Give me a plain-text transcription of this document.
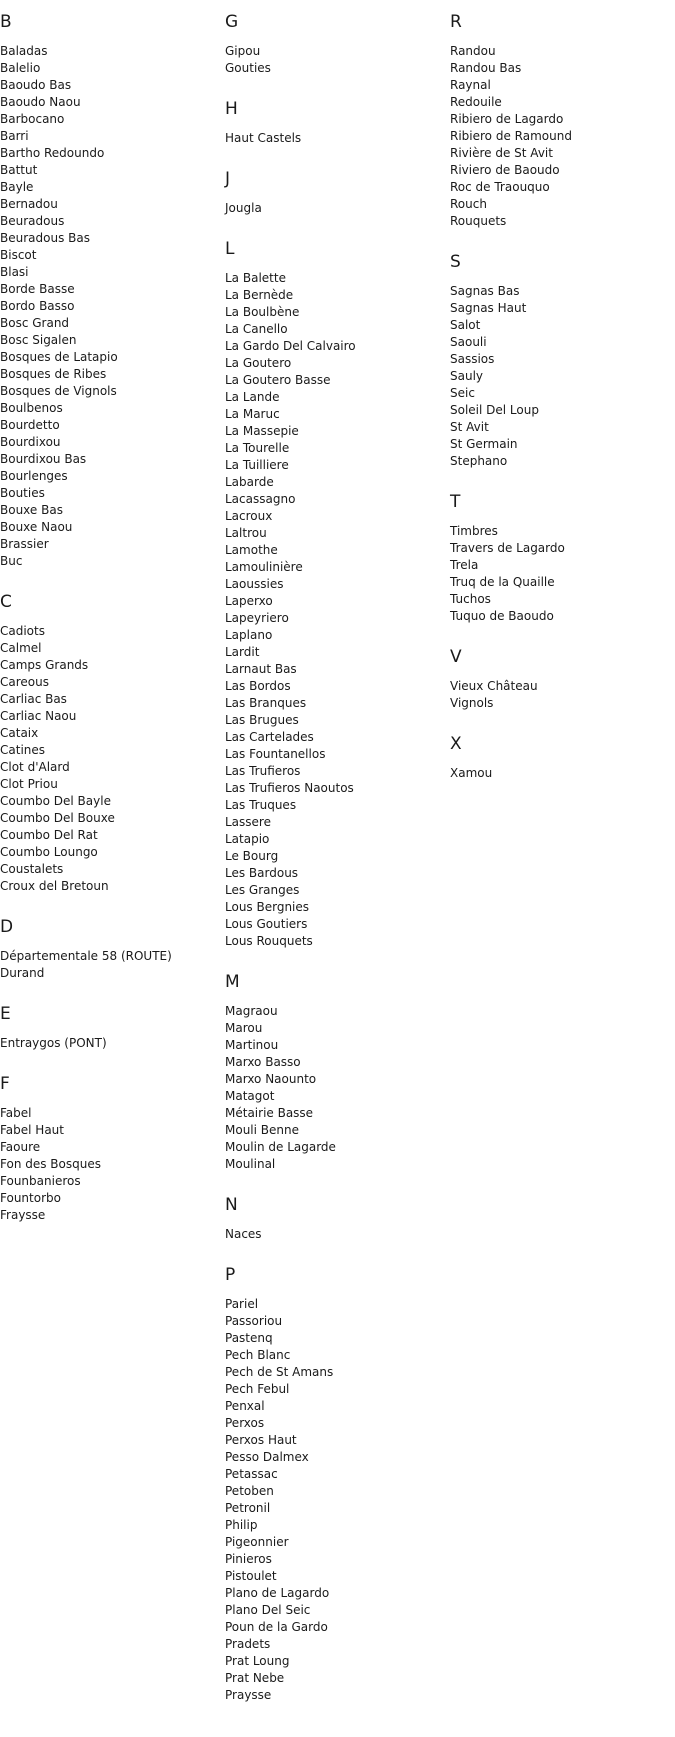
B
Baladas
Balelio
Baoudo Bas
Baoudo Naou
Barbocano
Barri
Bartho Redoundo
Battut
Bayle
Bernadou
Beuradous
Beuradous Bas
Biscot
Blasi
Borde Basse
Bordo Basso
Bosc Grand
Bosc Sigalen
Bosques de Latapio
Bosques de Ribes
Bosques de Vignols
Boulbenos
Bourdetto
Bourdixou
Bourdixou Bas
Bourlenges
Bouties
Bouxe Bas
Bouxe Naou
Brassier
Buc
C
Cadiots
Calmel
Camps Grands
Careous
Carliac Bas
Carliac Naou
Cataix
Catines
Clot d'Alard
Clot Priou
Coumbo Del Bayle
Coumbo Del Bouxe
Coumbo Del Rat
Coumbo Loungo
Coustalets
Croux del Bretoun
D
Départementale 58 (ROUTE)
Durand
E
Entraygos (PONT)
F
Fabel
Fabel Haut
Faoure
Fon des Bosques
Founbanieros
Fountorbo
Fraysse
G
Gipou
Gouties
H
Haut Castels
J
Jougla
L
La Balette
La Bernède
La Boulbène
La Canello
La Gardo Del Calvairo
La Goutero
La Goutero Basse
La Lande
La Maruc
La Massepie
La Tourelle
La Tuilliere
Labarde
Lacassagno
Lacroux
Laltrou
Lamothe
Lamoulinière
Laoussies
Laperxo
Lapeyriero
Laplano
Lardit
Larnaut Bas
Las Bordos
Las Branques
Las Brugues
Las Cartelades
Las Fountanellos
Las Trufieros
Las Trufieros Naoutos
Las Truques
Lassere
Latapio
Le Bourg
Les Bardous
Les Granges
Lous Bergnies
Lous Goutiers
Lous Rouquets
M
Magraou
Marou
Martinou
Marxo Basso
Marxo Naounto
Matagot
Métairie Basse
Mouli Benne
Moulin de Lagarde
Moulinal
N
Naces
P
Pariel
Passoriou
Pastenq
Pech Blanc
Pech de St Amans
Pech Febul
Penxal
Perxos
Perxos Haut
Pesso Dalmex
Petassac
Petoben
Petronil
Philip
Pigeonnier
Pinieros
Pistoulet
Plano de Lagardo
Plano Del Seic
Poun de la Gardo
Pradets
Prat Loung
Prat Nebe
Praysse
R
Randou
Randou Bas
Raynal
Redouile
Ribiero de Lagardo
Ribiero de Ramound
Rivière de St Avit
Riviero de Baoudo
Roc de Traouquo
Rouch
Rouquets
S
Sagnas Bas
Sagnas Haut
Salot
Saouli
Sassios
Sauly
Seic
Soleil Del Loup
St Avit
St Germain
Stephano
T
Timbres
Travers de Lagardo
Trela
Truq de la Quaille
Tuchos
Tuquo de Baoudo
V
Vieux Château
Vignols
X
Xamou
